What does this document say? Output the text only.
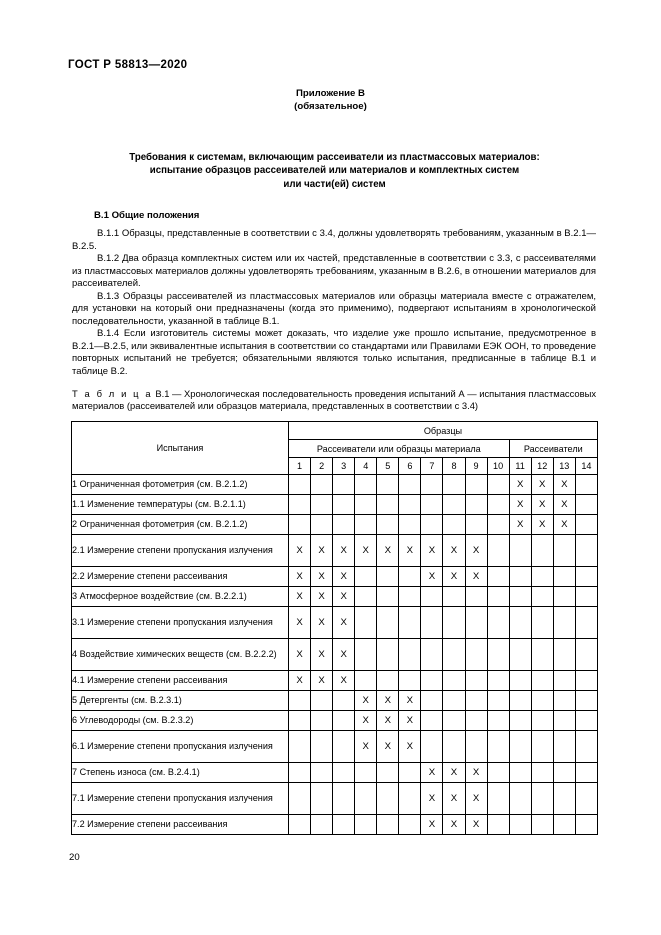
ГОСТ Р 58813—2020
Приложение В
(обязательное)
Требования к системам, включающим рассеиватели из пластмассовых материалов:
испытание образцов рассеивателей или материалов и комплектных систем
или части(ей) систем
В.1 Общие положения

В.1.1 Образцы, представленные в соответствии с 3.4, должны удовлетворять требованиям, указанным в В.2.1—В.2.5.

В.1.2 Два образца комплектных систем или их частей, представленные в соответствии с 3.3, с рассеивателями из пластмассовых материалов должны удовлетворять требованиям, указанным в В.2.6, в отношении материалов для рассеивателей.

В.1.3 Образцы рассеивателей из пластмассовых материалов или образцы материала вместе с отражателем, для установки на который они предназначены (когда это применимо), подвергают испытаниям в хронологической последовательности, указанной в таблице В.1.

В.1.4 Если изготовитель системы может доказать, что изделие уже прошло испытание, предусмотренное в В.2.1—В.2.5, или эквивалентные испытания в соответствии со стандартами или Правилами ЕЭК ООН, то проведение повторных испытаний не требуется; обязательными являются только испытания, предписанные в таблице В.1 и таблице В.2.

Т а б л и ц а В.1 — Хронологическая последовательность проведения испытаний А — испытания пластмассовых материалов (рассеивателей или образцов материала, представленных в соответствии с 3.4)
Испытания	Образцы													
	Рассеиватели или образцы материала										Рассеиватели			
	1	2	3	4	5	6	7	8	9	10	11	12	13	14
1 Ограниченная фотометрия (см. В.2.1.2)											X	X	X	
1.1 Изменение температуры (см. В.2.1.1)											X	X	X	
2 Ограниченная фотометрия (см. В.2.1.2)											X	X	X	
2.1 Измерение степени пропускания излучения	X	X	X	X	X	X	X	X	X					
2.2 Измерение степени рассеивания	X	X	X				X	X	X					
3 Атмосферное воздействие (см. В.2.2.1)	X	X	X											
3.1 Измерение степени пропускания излучения	X	X	X											
4 Воздействие химических веществ (см. В.2.2.2)	X	X	X											
4.1 Измерение степени рассеивания	X	X	X											
5 Детергенты (см. В.2.3.1)				X	X	X								
6 Углеводороды (см. В.2.3.2)				X	X	X								
6.1 Измерение степени пропускания излучения				X	X	X								
7 Степень износа (см. В.2.4.1)							X	X	X					
7.1 Измерение степени пропускания излучения							X	X	X					
7.2 Измерение степени рассеивания							X	X	X					
20
